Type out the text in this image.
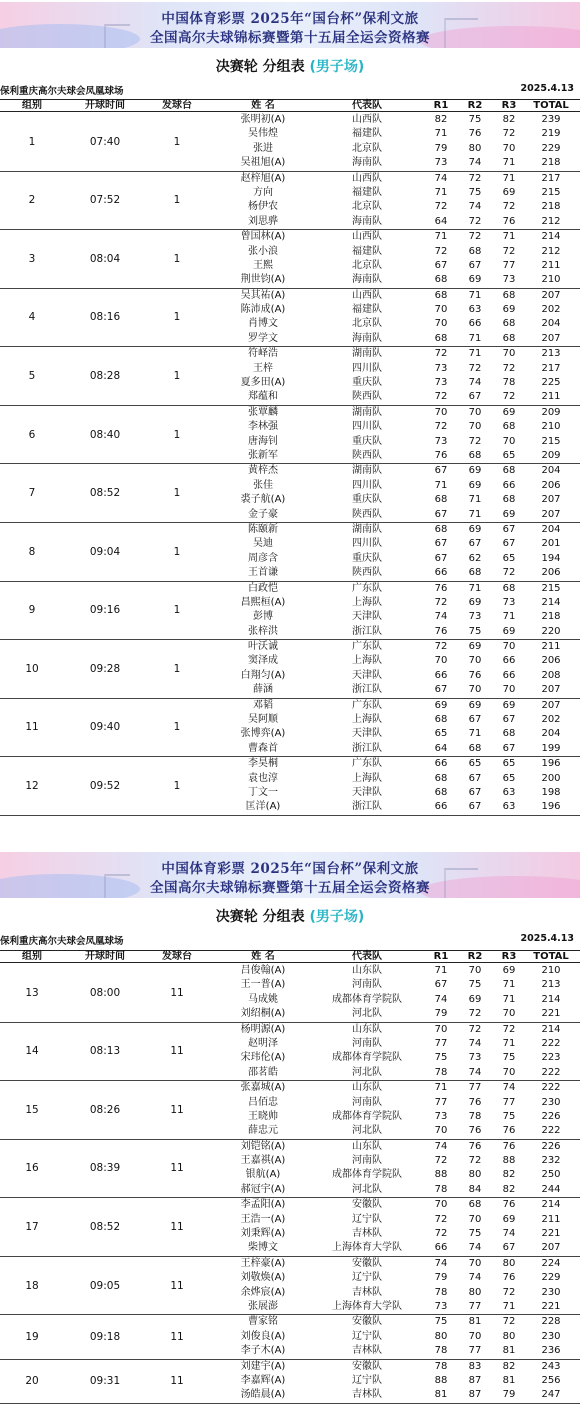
中国体育彩票 2025年“国台杯”保利文旅
全国高尔夫球锦标赛暨第十五届全运会资格赛
决赛轮 分组表 (男子场)
保利重庆高尔夫球会凤凰球场	2025.4.13
组别	开球时间	发球台	姓 名	代表队	R1	R2	R3	TOTAL
1	07:40	1
张明初(A)	山西队	82	75	82	239
吴伟煌	福建队	71	76	72	219
张进	北京队	79	80	70	229
吴祖旭(A)	海南队	73	74	71	218
2	07:52	1
赵梓旭(A)	山西队	74	72	71	217
方向	福建队	71	75	69	215
杨伊农	北京队	72	74	72	218
刘思骅	海南队	64	72	76	212
3	08:04	1
曾国林(A)	山西队	71	72	71	214
张小浪	福建队	72	68	72	212
王熙	北京队	67	67	77	211
荆世钧(A)	海南队	68	69	73	210
4	08:16	1
吴其祐(A)	山西队	68	71	68	207
陈沛成(A)	福建队	70	63	69	202
肖博文	北京队	70	66	68	204
罗学文	海南队	68	71	68	207
5	08:28	1
符峄浩	湖南队	72	71	70	213
王梓	四川队	73	72	72	217
夏多田(A)	重庆队	73	74	78	225
郑蕴和	陕西队	72	67	72	211
6	08:40	1
张覃麟	湖南队	70	70	69	209
李林强	四川队	72	70	68	210
唐海钊	重庆队	73	72	70	215
张新军	陕西队	76	68	65	209
7	08:52	1
黄梓杰	湖南队	67	69	68	204
张佳	四川队	71	69	66	206
裘子航(A)	重庆队	68	71	68	207
金子豪	陕西队	67	71	69	207
8	09:04	1
陈颐新	湖南队	68	69	67	204
吴迪	四川队	67	67	67	201
周彦含	重庆队	67	62	65	194
王首谦	陕西队	66	68	72	206
9	09:16	1
白政恺	广东队	76	71	68	215
昌熙桓(A)	上海队	72	69	73	214
彭博	天津队	74	73	71	218
张梓洪	浙江队	76	75	69	220
10	09:28	1
叶沃诚	广东队	72	69	70	211
窦泽成	上海队	70	70	66	206
白翔匀(A)	天津队	66	76	66	208
薛涵	浙江队	67	70	70	207
11	09:40	1
邓韬	广东队	69	69	69	207
吴阿顺	上海队	68	67	67	202
张博弈(A)	天津队	65	71	68	204
曹森首	浙江队	64	68	67	199
12	09:52	1
李昊桐	广东队	66	65	65	196
袁也淳	上海队	68	67	65	200
丁文一	天津队	68	67	63	198
匡洋(A)	浙江队	66	67	63	196
中国体育彩票 2025年“国台杯”保利文旅
全国高尔夫球锦标赛暨第十五届全运会资格赛
决赛轮 分组表 (男子场)
保利重庆高尔夫球会凤凰球场	2025.4.13
组别	开球时间	发球台	姓 名	代表队	R1	R2	R3	TOTAL
13	08:00	11
吕俊翰(A)	山东队	71	70	69	210
王一普(A)	河南队	67	75	71	213
马成姚	成都体育学院队	74	69	71	214
刘绍桐(A)	河北队	79	72	70	221
14	08:13	11
杨明源(A)	山东队	70	72	72	214
赵明泽	河南队	77	74	71	222
宋玮伦(A)	成都体育学院队	75	73	75	223
邵茗皓	河北队	78	74	70	222
15	08:26	11
张嘉城(A)	山东队	71	77	74	222
吕佰忠	河南队	77	76	77	230
王晓帅	成都体育学院队	73	78	75	226
薛忠元	河北队	70	76	76	222
16	08:39	11
刘铠铭(A)	山东队	74	76	76	226
王嘉祺(A)	河南队	72	72	88	232
银航(A)	成都体育学院队	88	80	82	250
郝冠宇(A)	河北队	78	84	82	244
17	08:52	11
李孟阳(A)	安徽队	70	68	76	214
王浩一(A)	辽宁队	72	70	69	211
刘秉辉(A)	吉林队	72	75	74	221
柴博文	上海体育大学队	66	74	67	207
18	09:05	11
王梓豪(A)	安徽队	74	70	80	224
刘敬焕(A)	辽宁队	79	74	76	229
余烨宸(A)	吉林队	78	80	72	230
张展澎	上海体育大学队	73	77	71	221
19	09:18	11
曹家铭	安徽队	75	81	72	228
刘俊良(A)	辽宁队	80	70	80	230
李子木(A)	吉林队	78	77	81	236
20	09:31	11
刘建宇(A)	安徽队	78	83	82	243
李嘉辉(A)	辽宁队	88	87	81	256
汤皓晨(A)	吉林队	81	87	79	247
